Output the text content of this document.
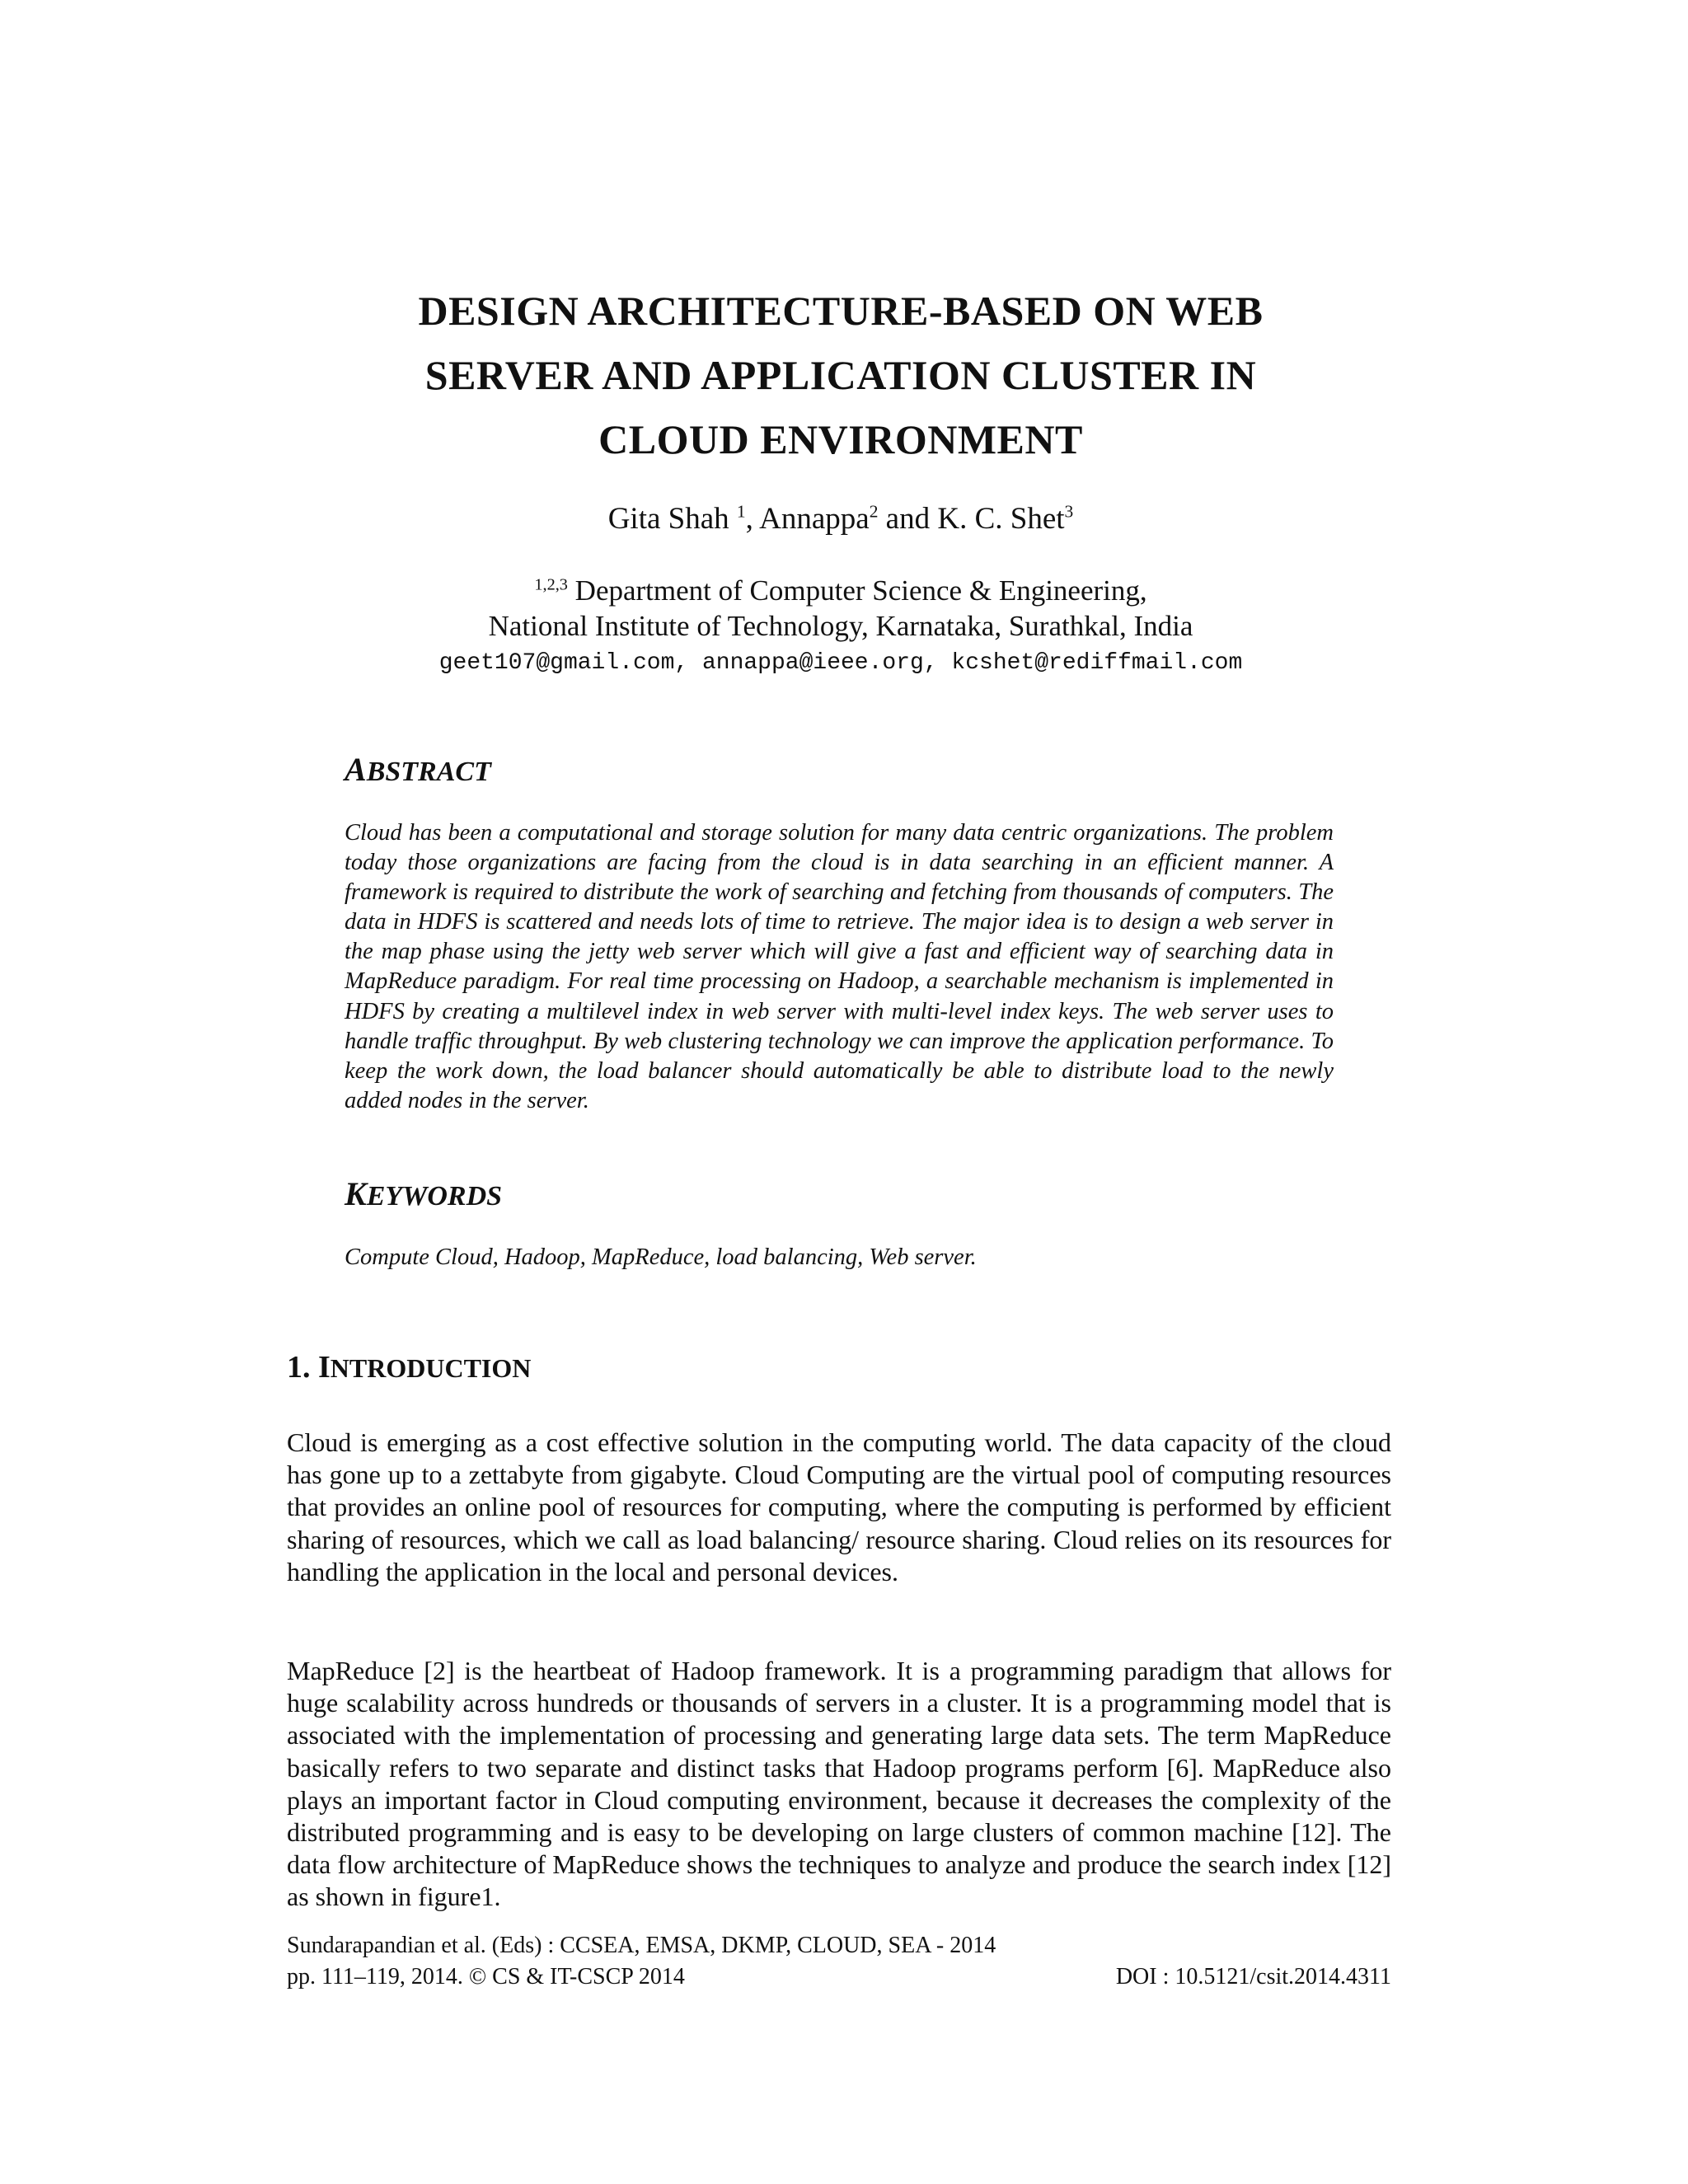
DESIGN ARCHITECTURE-BASED ON WEB
SERVER AND APPLICATION CLUSTER IN
CLOUD ENVIRONMENT
Gita Shah $^1$, Annappa$^2$ and K. C. Shet$^3$
$^{1,2,3}$ Department of Computer Science & Engineering,
National Institute of Technology, Karnataka, Surathkal, India
geet107@gmail.com, annappa@ieee.org, kcshet@rediffmail.com
ABSTRACT
Cloud has been a computational and storage solution for many data centric organizations. The problem today those organizations are facing from the cloud is in data searching in an efficient manner. A framework is required to distribute the work of searching and fetching from thousands of computers. The data in HDFS is scattered and needs lots of time to retrieve. The major idea is to design a web server in the map phase using the jetty web server which will give a fast and efficient way of searching data in MapReduce paradigm. For real time processing on Hadoop, a searchable mechanism is implemented in HDFS by creating a multilevel index in web server with multi-level index keys. The web server uses to handle traffic throughput. By web clustering technology we can improve the application performance. To keep the work down, the load balancer should automatically be able to distribute load to the newly added nodes in the server.
KEYWORDS
Compute Cloud, Hadoop, MapReduce, load balancing, Web server.
1. INTRODUCTION
Cloud is emerging as a cost effective solution in the computing world. The data capacity of the cloud has gone up to a zettabyte from gigabyte. Cloud Computing are the virtual pool of computing resources that provides an online pool of resources for computing, where the computing is performed by efficient sharing of resources, which we call as load balancing/ resource sharing. Cloud relies on its resources for handling the application in the local and personal devices.
MapReduce [2] is the heartbeat of Hadoop framework. It is a programming paradigm that allows for huge scalability across hundreds or thousands of servers in a cluster. It is a programming model that is associated with the implementation of processing and generating large data sets. The term MapReduce basically refers to two separate and distinct tasks that Hadoop programs perform [6]. MapReduce also plays an important factor in Cloud computing environment, because it decreases the complexity of the distributed programming and is easy to be developing on large clusters of common machine [12]. The data flow architecture of MapReduce shows the techniques to analyze and produce the search index [12] as shown in figure1.
Sundarapandian et al. (Eds) : CCSEA, EMSA, DKMP, CLOUD, SEA - 2014
pp. 111–119, 2014. © CS & IT-CSCP 2014	DOI : 10.5121/csit.2014.4311
